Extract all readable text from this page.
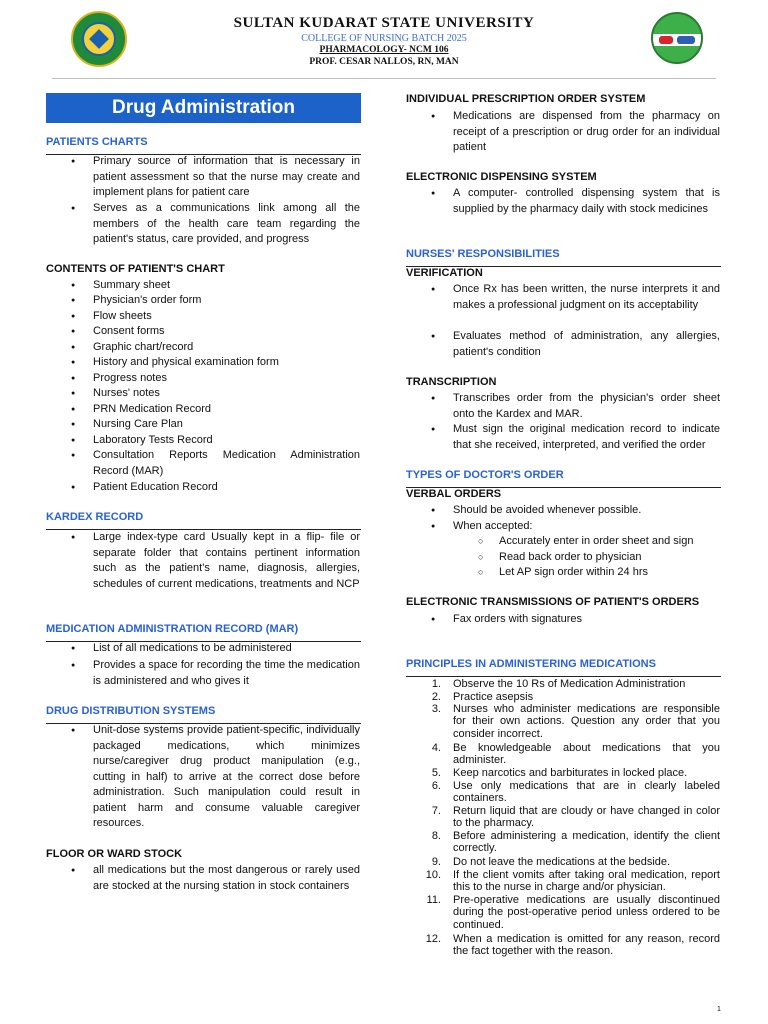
SULTAN KUDARAT STATE UNIVERSITY
COLLEGE OF NURSING BATCH 2025
PHARMACOLOGY- NCM 106
PROF. CESAR NALLOS, RN, MAN
Drug Administration
PATIENTS CHARTS
● Primary source of information that is necessary in patient assessment so that the nurse may create and implement plans for patient care
● Serves as a communications link among all the members of the health care team regarding the patient's status, care provided, and progress
CONTENTS OF PATIENT'S CHART
● Summary sheet
● Physician's order form
● Flow sheets
● Consent forms
● Graphic chart/record
● History and physical examination form
● Progress notes
● Nurses' notes
● PRN Medication Record
● Nursing Care Plan
● Laboratory Tests Record
● Consultation Reports Medication Administration Record (MAR)
● Patient Education Record
KARDEX RECORD
● Large index-type card Usually kept in a flip- file or separate folder that contains pertinent information such as the patient's name, diagnosis, allergies, schedules of current medications, treatments and NCP
MEDICATION ADMINISTRATION RECORD (MAR)
● List of all medications to be administered
● Provides a space for recording the time the medication is administered and who gives it
DRUG DISTRIBUTION SYSTEMS
● Unit-dose systems provide patient-specific, individually packaged medications, which minimizes nurse/caregiver drug product manipulation (e.g., cutting in half) to arrive at the correct dose before administration. Such manipulation could result in patient harm and consume valuable caregiver resources.
FLOOR OR WARD STOCK
● all medications but the most dangerous or rarely used are stocked at the nursing station in stock containers
INDIVIDUAL PRESCRIPTION ORDER SYSTEM
● Medications are dispensed from the pharmacy on receipt of a prescription or drug order for an individual patient
ELECTRONIC DISPENSING SYSTEM
● A computer- controlled dispensing system that is supplied by the pharmacy daily with stock medicines
NURSES' RESPONSIBILITIES
VERIFICATION
● Once Rx has been written, the nurse interprets it and makes a professional judgment on its acceptability
● Evaluates method of administration, any allergies, patient's condition
TRANSCRIPTION
● Transcribes order from the physician's order sheet onto the Kardex and MAR.
● Must sign the original medication record to indicate that she received, interpreted, and verified the order
TYPES OF DOCTOR'S ORDER
VERBAL ORDERS
● Should be avoided whenever possible.
● When accepted:
○ Accurately enter in order sheet and sign
○ Read back order to physician
○ Let AP sign order within 24 hrs
ELECTRONIC TRANSMISSIONS OF PATIENT'S ORDERS
● Fax orders with signatures
PRINCIPLES IN ADMINISTERING MEDICATIONS
1. Observe the 10 Rs of Medication Administration
2. Practice asepsis
3. Nurses who administer medications are responsible for their own actions. Question any order that you consider incorrect.
4. Be knowledgeable about medications that you administer.
5. Keep narcotics and barbiturates in locked place.
6. Use only medications that are in clearly labeled containers.
7. Return liquid that are cloudy or have changed in color to the pharmacy.
8. Before administering a medication, identify the client correctly.
9. Do not leave the medications at the bedside.
10. If the client vomits after taking oral medication, report this to the nurse in charge and/or physician.
11. Pre-operative medications are usually discontinued during the post-operative period unless ordered to be continued.
12. When a medication is omitted for any reason, record the fact together with the reason.
1
